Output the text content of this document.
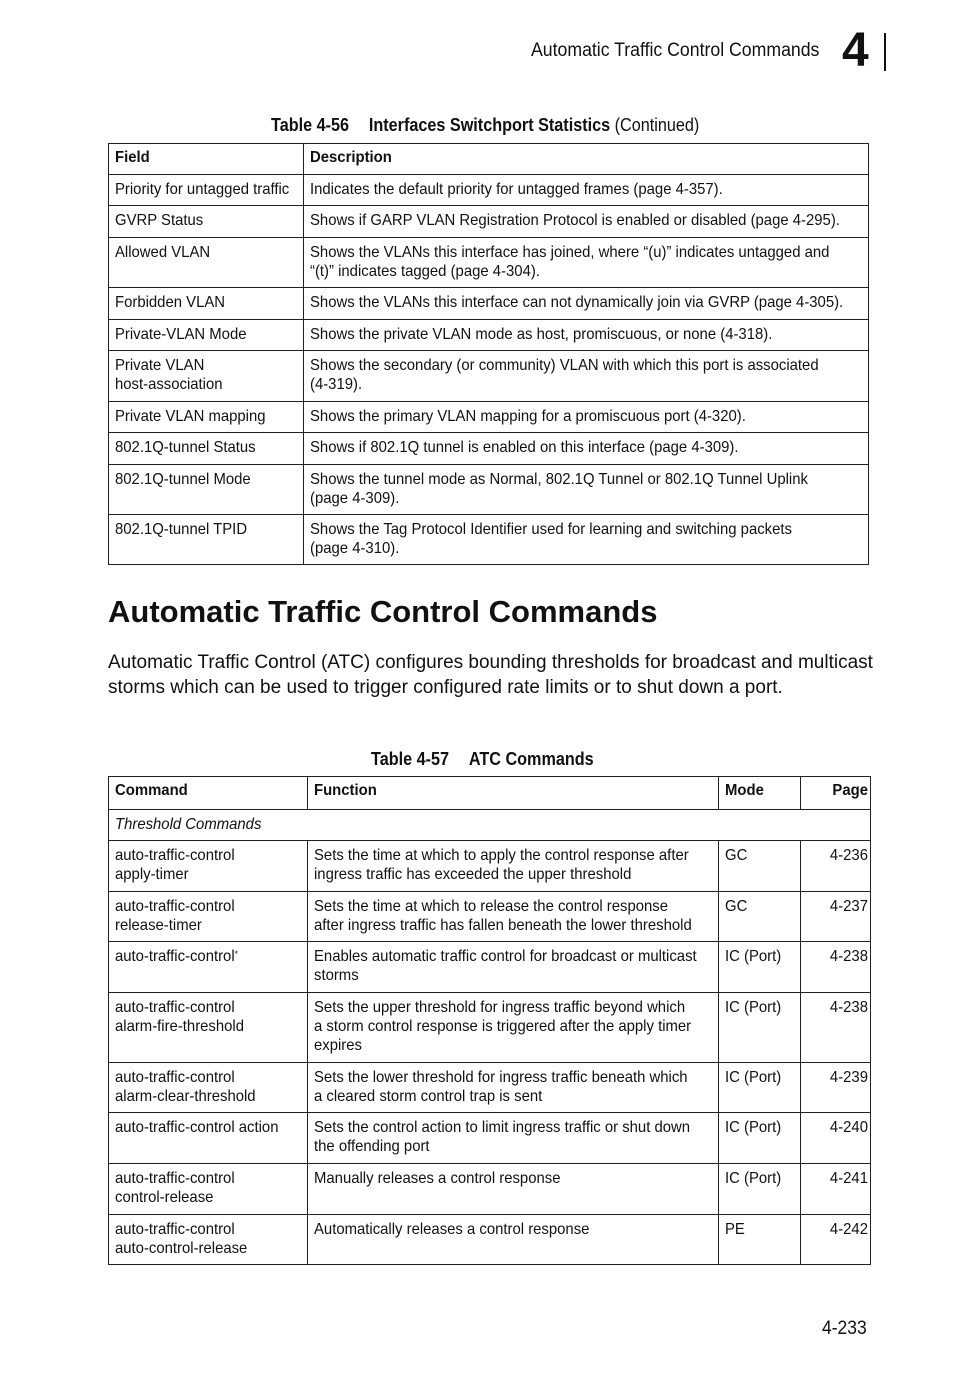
Automatic Traffic Control Commands 4
Table 4-56 Interfaces Switchport Statistics (Continued)
Field	Description
Priority for untagged traffic	Indicates the default priority for untagged frames (page 4-357).
GVRP Status	Shows if GARP VLAN Registration Protocol is enabled or disabled (page 4-295).
Allowed VLAN	Shows the VLANs this interface has joined, where “(u)” indicates untagged and
“(t)” indicates tagged (page 4-304).
Forbidden VLAN	Shows the VLANs this interface can not dynamically join via GVRP (page 4-305).
Private-VLAN Mode	Shows the private VLAN mode as host, promiscuous, or none (4-318).
Private VLAN
host-association	Shows the secondary (or community) VLAN with which this port is associated
(4-319).
Private VLAN mapping	Shows the primary VLAN mapping for a promiscuous port (4-320).
802.1Q-tunnel Status	Shows if 802.1Q tunnel is enabled on this interface (page 4-309).
802.1Q-tunnel Mode	Shows the tunnel mode as Normal, 802.1Q Tunnel or 802.1Q Tunnel Uplink
(page 4-309).
802.1Q-tunnel TPID	Shows the Tag Protocol Identifier used for learning and switching packets
(page 4-310).
Automatic Traffic Control Commands
Automatic Traffic Control (ATC) configures bounding thresholds for broadcast and multicast storms which can be used to trigger configured rate limits or to shut down a port.
Table 4-57 ATC Commands
Command	Function	Mode	Page
Threshold Commands			
auto-traffic-control
apply-timer	Sets the time at which to apply the control response after
ingress traffic has exceeded the upper threshold	GC	4-236
auto-traffic-control
release-timer	Sets the time at which to release the control response
after ingress traffic has fallen beneath the lower threshold	GC	4-237
auto-traffic-control*	Enables automatic traffic control for broadcast or multicast
storms	IC (Port)	4-238
auto-traffic-control
alarm-fire-threshold	Sets the upper threshold for ingress traffic beyond which
a storm control response is triggered after the apply timer
expires	IC (Port)	4-238
auto-traffic-control
alarm-clear-threshold	Sets the lower threshold for ingress traffic beneath which
a cleared storm control trap is sent	IC (Port)	4-239
auto-traffic-control action	Sets the control action to limit ingress traffic or shut down
the offending port	IC (Port)	4-240
auto-traffic-control
control-release	Manually releases a control response	IC (Port)	4-241
auto-traffic-control
auto-control-release	Automatically releases a control response	PE	4-242
4-233
